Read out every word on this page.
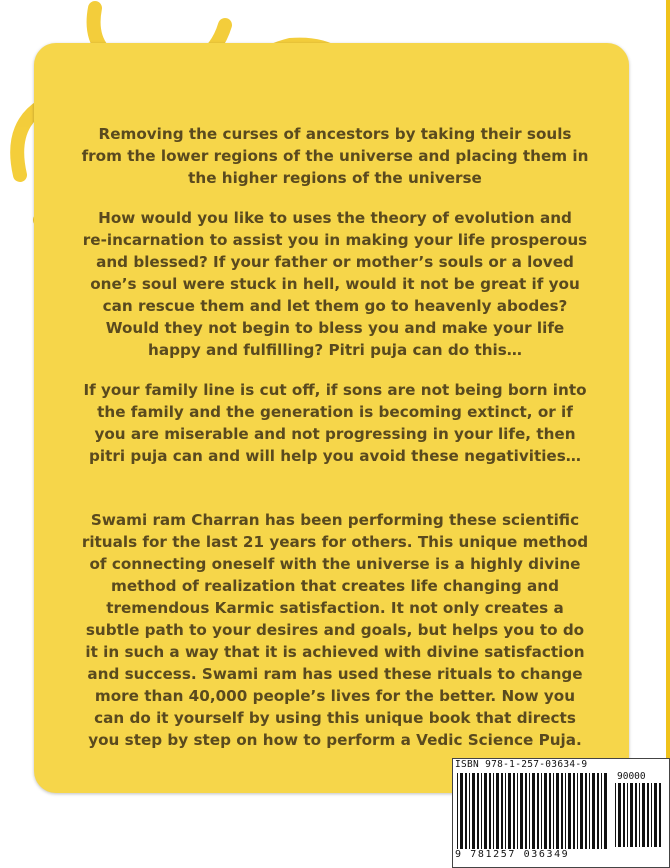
Removing the curses of ancestors by taking their souls
from the lower regions of the universe and placing them in
the higher regions of the universe
How would you like to uses the theory of evolution and
re-incarnation to assist you in making your life prosperous
and blessed? If your father or mother’s souls or a loved
one’s soul were stuck in hell, would it not be great if you
can rescue them and let them go to heavenly abodes?
Would they not begin to bless you and make your life
happy and fulfilling? Pitri puja can do this…
If your family line is cut off, if sons are not being born into
the family and the generation is becoming extinct, or if
you are miserable and not progressing in your life, then
pitri puja can and will help you avoid these negativities…
Swami ram Charran has been performing these scientific
rituals for the last 21 years for others. This unique method
of connecting oneself with the universe is a highly divine
method of realization that creates life changing and
tremendous Karmic satisfaction. It not only creates a
subtle path to your desires and goals, but helps you to do
it in such a way that it is achieved with divine satisfaction
and success. Swami ram has used these rituals to change
more than 40,000 people’s lives for the better. Now you
can do it yourself by using this unique book that directs
you step by step on how to perform a Vedic Science Puja.
ISBN 978-1-257-03634-9
90000
9 781257 036349
